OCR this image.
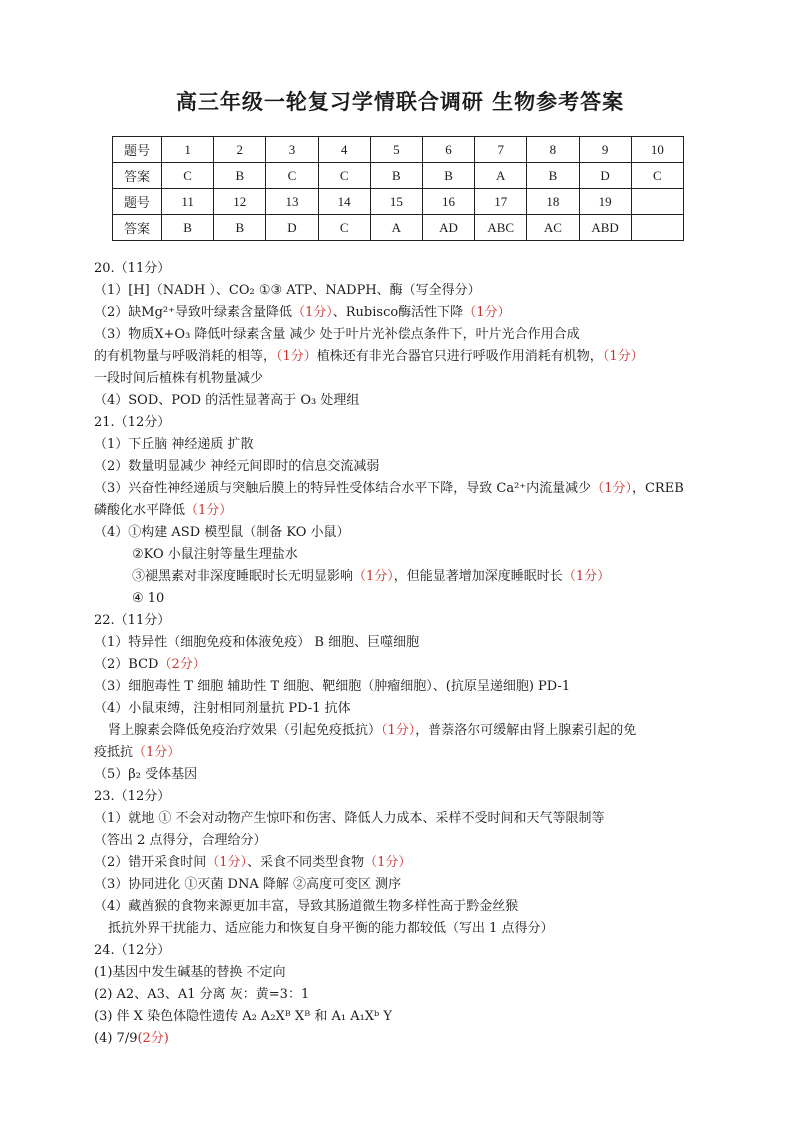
高三年级一轮复习学情联合调研 生物参考答案
题号	1	2	3	4	5	6	7	8	9	10
答案	C	B	C	C	B	B	A	B	D	C
题号	11	12	13	14	15	16	17	18	19	
答案	B	B	D	C	A	AD	ABC	AC	ABD	
20.（11分）
（1）[H]（NADH ）、CO₂ ①③ ATP、NADPH、酶（写全得分）
（2）缺Mg²⁺导致叶绿素含量降低（1分）、Rubisco酶活性下降（1分）
（3）物质X+O₃ 降低叶绿素含量 减少 处于叶片光补偿点条件下，叶片光合作用合成
的有机物量与呼吸消耗的相等，（1分）植株还有非光合器官只进行呼吸作用消耗有机物，（1分）
一段时间后植株有机物量减少
（4）SOD、POD 的活性显著高于 O₃ 处理组
21.（12分）
（1）下丘脑 神经递质 扩散
（2）数量明显减少 神经元间即时的信息交流减弱
（3）兴奋性神经递质与突触后膜上的特异性受体结合水平下降，导致 Ca²⁺内流量减少（1分），CREB
磷酸化水平降低（1分）
（4）①构建 ASD 模型鼠（制备 KO 小鼠）
②KO 小鼠注射等量生理盐水
③褪黑素对非深度睡眠时长无明显影响（1分），但能显著增加深度睡眠时长（1分）
④ 10
22.（11分）
（1）特异性（细胞免疫和体液免疫） B 细胞、巨噬细胞
（2）BCD（2分）
（3）细胞毒性 T 细胞 辅助性 T 细胞、靶细胞（肿瘤细胞）、(抗原呈递细胞) PD-1
（4）小鼠束缚，注射相同剂量抗 PD-1 抗体
肾上腺素会降低免疫治疗效果（引起免疫抵抗）（1分），普萘洛尔可缓解由肾上腺素引起的免
疫抵抗（1分）
（5）β₂ 受体基因
23.（12分）
（1）就地 ① 不会对动物产生惊吓和伤害、降低人力成本、采样不受时间和天气等限制等
（答出 2 点得分，合理给分）
（2）错开采食时间（1分）、采食不同类型食物（1分）
（3）协同进化 ①灭菌 DNA 降解 ②高度可变区 测序
（4）藏酋猴的食物来源更加丰富，导致其肠道微生物多样性高于黔金丝猴
抵抗外界干扰能力、适应能力和恢复自身平衡的能力都较低（写出 1 点得分）
24.（12分）
(1)基因中发生碱基的替换 不定向
(2) A2、A3、A1 分离 灰：黄=3：1
(3) 伴 X 染色体隐性遗传 A₂ A₂Xᴮ Xᴮ 和 A₁ A₁Xᵇ Y
(4) 7/9(2分)
